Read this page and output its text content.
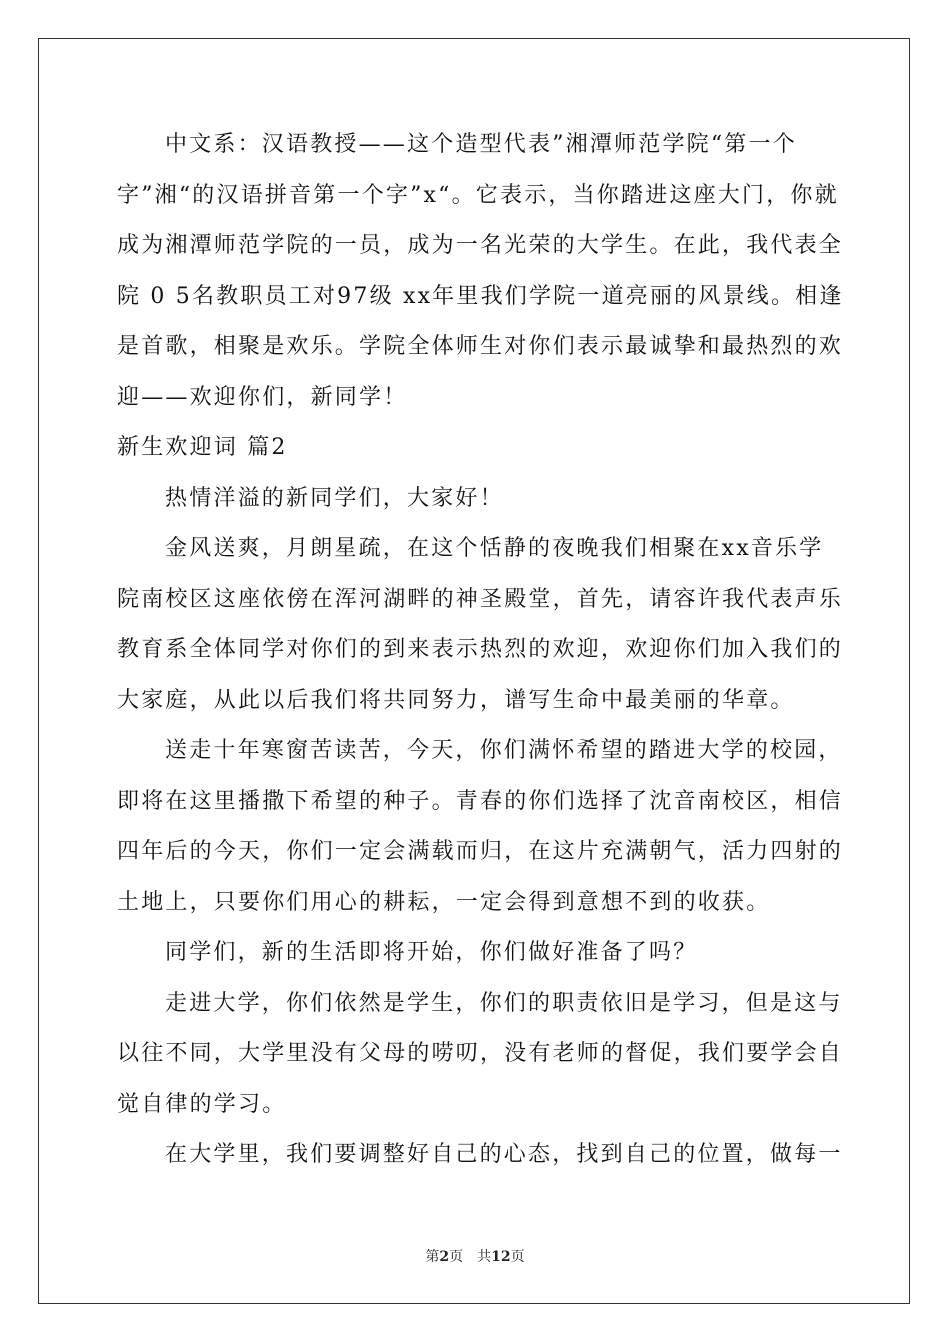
中文系：汉语教授——这个造型代表”湘潭师范学院“第一个字”湘“的汉语拼音第一个字”x“。它表示，当你踏进这座大门，你就成为湘潭师范学院的一员，成为一名光荣的大学生。在此，我代表全院 0 5名教职员工对97级 xx年里我们学院一道亮丽的风景线。相逢是首歌，相聚是欢乐。学院全体师生对你们表示最诚挚和最热烈的欢迎——欢迎你们，新同学！

新生欢迎词 篇2

热情洋溢的新同学们，大家好！

金风送爽，月朗星疏，在这个恬静的夜晚我们相聚在xx音乐学院南校区这座依傍在浑河湖畔的神圣殿堂，首先，请容许我代表声乐教育系全体同学对你们的到来表示热烈的欢迎，欢迎你们加入我们的大家庭，从此以后我们将共同努力，谱写生命中最美丽的华章。

送走十年寒窗苦读苦，今天，你们满怀希望的踏进大学的校园，即将在这里播撒下希望的种子。青春的你们选择了沈音南校区，相信四年后的今天，你们一定会满载而归，在这片充满朝气，活力四射的土地上，只要你们用心的耕耘，一定会得到意想不到的收获。

同学们，新的生活即将开始，你们做好准备了吗？

走进大学，你们依然是学生，你们的职责依旧是学习，但是这与以往不同，大学里没有父母的唠叨，没有老师的督促，我们要学会自觉自律的学习。

在大学里，我们要调整好自己的心态，找到自己的位置，做每一

第2页　共12页
